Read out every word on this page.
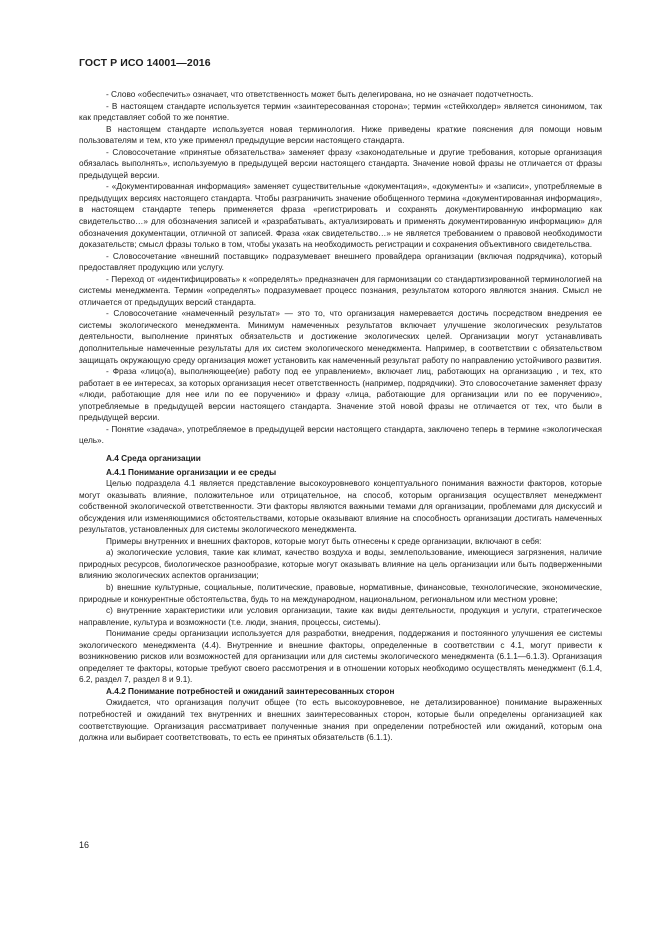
ГОСТ Р ИСО 14001—2016

- Слово «обеспечить» означает, что ответственность может быть делегирована, но не означает подотчетность.

- В настоящем стандарте используется термин «заинтересованная сторона»; термин «стейкхолдер» является синонимом, так как представляет собой то же понятие.

В настоящем стандарте используется новая терминология. Ниже приведены краткие пояснения для помощи новым пользователям и тем, кто уже применял предыдущие версии настоящего стандарта.

- Словосочетание «принятые обязательства» заменяет фразу «законодательные и другие требования, которые организация обязалась выполнять», используемую в предыдущей версии настоящего стандарта. Значение новой фразы не отличается от фразы предыдущей версии.

- «Документированная информация» заменяет существительные «документация», «документы» и «записи», употребляемые в предыдущих версиях настоящего стандарта. Чтобы разграничить значение обобщенного термина «документированная информация», в настоящем стандарте теперь применяется фраза «регистрировать и сохранять документированную информацию как свидетельство…» для обозначения записей и «разрабатывать, актуализировать и применять документированную информацию» для обозначения документации, отличной от записей. Фраза «как свидетельство…» не является требованием о правовой необходимости доказательств; смысл фразы только в том, чтобы указать на необходимость регистрации и сохранения объективного свидетельства.

- Словосочетание «внешний поставщик» подразумевает внешнего провайдера организации (включая подрядчика), который предоставляет продукцию или услугу.

- Переход от «идентифицировать» к «определять» предназначен для гармонизации со стандартизированной терминологией на системы менеджмента. Термин «определять» подразумевает процесс познания, результатом которого являются знания. Смысл не отличается от предыдущих версий стандарта.

- Словосочетание «намеченный результат» — это то, что организация намеревается достичь посредством внедрения ее системы экологического менеджмента. Минимум намеченных результатов включает улучшение экологических результатов деятельности, выполнение принятых обязательств и достижение экологических целей. Организации могут устанавливать дополнительные намеченные результаты для их систем экологического менеджмента. Например, в соответствии с обязательством защищать окружающую среду организация может установить как намеченный результат работу по направлению устойчивого развития.

- Фраза «лицо(а), выполняющее(ие) работу под ее управлением», включает лиц, работающих на организацию , и тех, кто работает в ее интересах, за которых организация несет ответственность (например, подрядчики). Это словосочетание заменяет фразу «люди, работающие для нее или по ее поручению» и фразу «лица, работающие для организации или по ее поручению», употребляемые в предыдущей версии настоящего стандарта. Значение этой новой фразы не отличается от тех, что были в предыдущей версии.

- Понятие «задача», употребляемое в предыдущей версии настоящего стандарта, заключено теперь в термине «экологическая цель».

А.4 Среда организации

А.4.1 Понимание организации и ее среды

Целью подраздела 4.1 является представление высокоуровневого концептуального понимания важности факторов, которые могут оказывать влияние, положительное или отрицательное, на способ, которым организация осуществляет менеджмент собственной экологической ответственности. Эти факторы являются важными темами для организации, проблемами для дискуссий и обсуждения или изменяющимися обстоятельствами, которые оказывают влияние на способность организации достигать намеченных результатов, установленных для системы экологического менеджмента.

Примеры внутренних и внешних факторов, которые могут быть отнесены к среде организации, включают в себя:

a) экологические условия, такие как климат, качество воздуха и воды, землепользование, имеющиеся загрязнения, наличие природных ресурсов, биологическое разнообразие, которые могут оказывать влияние на цель организации или быть подверженными влиянию экологических аспектов организации;

b) внешние культурные, социальные, политические, правовые, нормативные, финансовые, технологические, экономические, природные и конкурентные обстоятельства, будь то на международном, национальном, региональном или местном уровне;

c) внутренние характеристики или условия организации, такие как виды деятельности, продукция и услуги, стратегическое направление, культура и возможности (т.е. люди, знания, процессы, системы).

Понимание среды организации используется для разработки, внедрения, поддержания и постоянного улучшения ее системы экологического менеджмента (4.4). Внутренние и внешние факторы, определенные в соответствии с 4.1, могут привести к возникновению рисков или возможностей для организации или для системы экологического менеджмента (6.1.1—6.1.3). Организация определяет те факторы, которые требуют своего рассмотрения и в отношении которых необходимо осуществлять менеджмент (6.1.4, 6.2, раздел 7, раздел 8 и 9.1).

А.4.2 Понимание потребностей и ожиданий заинтересованных сторон

Ожидается, что организация получит общее (то есть высокоуровневое, не детализированное) понимание выраженных потребностей и ожиданий тех внутренних и внешних заинтересованных сторон, которые были определены организацией как соответствующие. Организация рассматривает полученные знания при определении потребностей или ожиданий, которым она должна или выбирает соответствовать, то есть ее принятых обязательств (6.1.1).

16
